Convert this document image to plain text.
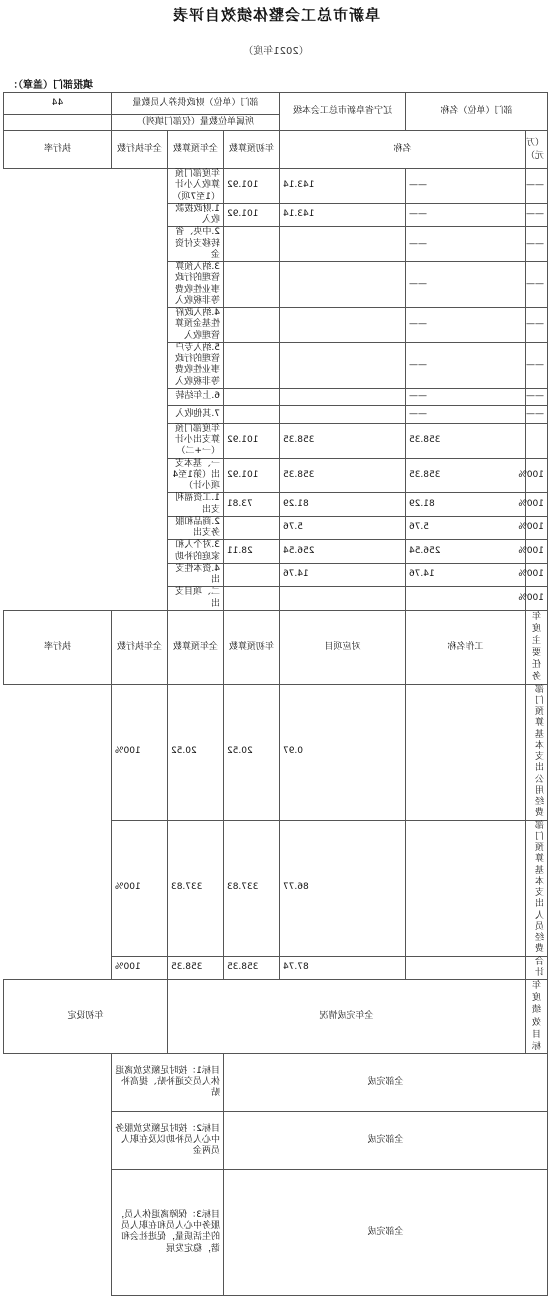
阜新市总工会整体绩效自评表
（2021年度）
填报部门（盖章）：
部门（单位）名称		辽宁省阜新市总工会本级	部门（单位）财政供养人员数量			44
			所属单位数量（仅部门填列）			
（万元）	名称		年初预算数	全年预算数	全年执行数	执行率
——	——	143.14	101.92	年度部门预算收入小计（1至7项）		
——	——	143.14	101.92	1.财政拨款收入		
——	——			2.中央、省转移支付资金		
——	——			3.纳入预算管理的行政事业性收费等非税收入		
——	——			4.纳入政府性基金预算管理收入		
——	——			5.纳入专户管理的行政事业性收费等非税收入		
——	——			6.上年结转		
——	——			7.其他收入		
	358.35	358.35	101.92	年度部门预算支出小计（一+二）		
100%	358.35	358.35	101.92	一、基本支出（第1至4项小计）		
100%	81.29	81.29	73.81	1.工资福利支出		
100%	5.76	5.76		2.商品和服务支出		
100%	256.54	256.54	28.11	3.对个人和家庭的补助		
100%	14.76	14.76		4.资本性支出		
100%				二、项目支出		
年度主要任务	工作名称	对应项目	年初预算数	全年预算数	全年执行数	执行率
部门预算基本支出公用经费		0.97	20.52	20.52	100%	
部门预算基本支出人员经费		86.77	337.83	337.83	100%	
合计		87.74	358.35	358.35	100%	
年度绩效目标	全年完成情况				年初设定	
全部完成				目标1：按时足额发放离退休人员交通补贴、提高补贴		
全部完成				目标2：按时足额发放服务中心人员补助以及在职人员两金		
全部完成				目标3：保障离退休人员，服务中心人员和在职人员的生活质量，促进社会和谐，稳定发展		
